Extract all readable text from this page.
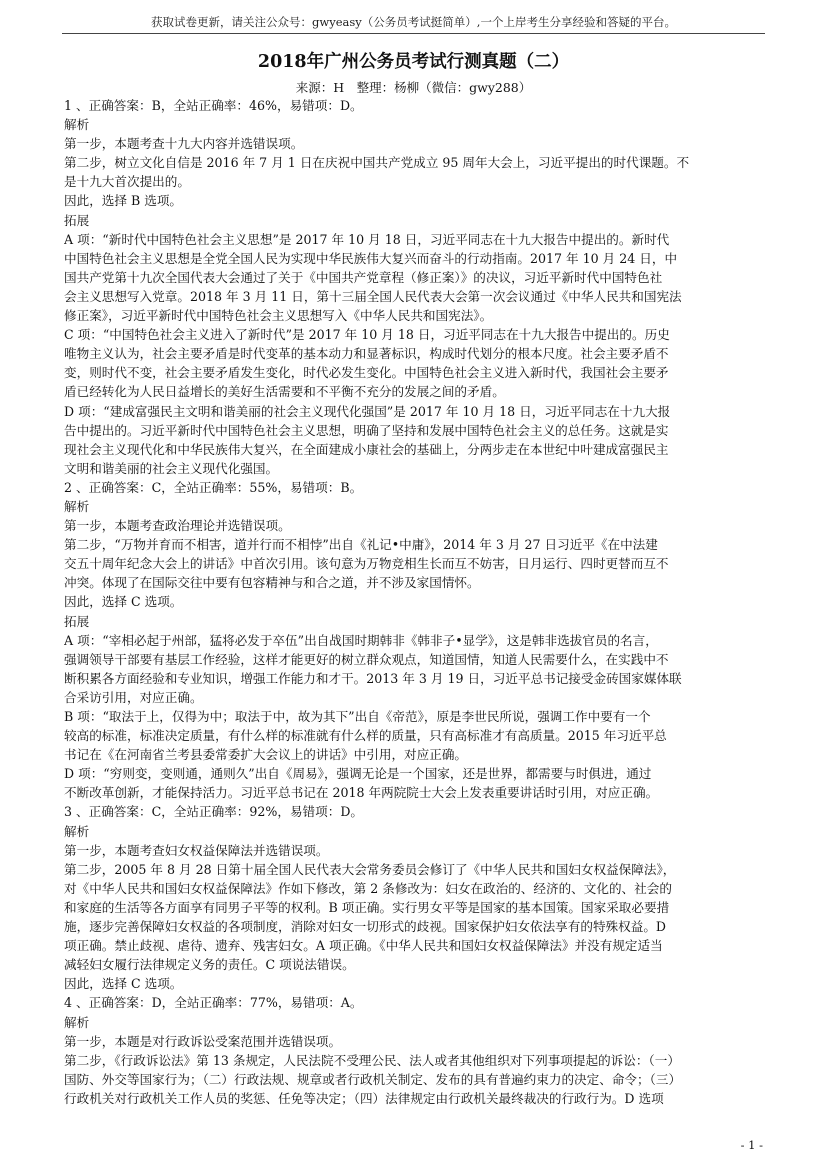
获取试卷更新，请关注公众号：gwyeasy（公务员考试挺简单）,一个上岸考生分享经验和答疑的平台。
2018年广州公务员考试行测真题（二）
来源：H　整理：杨柳（微信：gwy288）
1 、正确答案：B，全站正确率：46%，易错项：D。
解析
第一步，本题考查十九大内容并选错误项。
第二步，树立文化自信是 2016 年 7 月 1 日在庆祝中国共产党成立 95 周年大会上，习近平提出的时代课题。不
是十九大首次提出的。
因此，选择 B 选项。
拓展
A 项：“新时代中国特色社会主义思想”是 2017 年 10 月 18 日，习近平同志在十九大报告中提出的。新时代
中国特色社会主义思想是全党全国人民为实现中华民族伟大复兴而奋斗的行动指南。2017 年 10 月 24 日，中
国共产党第十九次全国代表大会通过了关于《中国共产党章程（修正案）》的决议，习近平新时代中国特色社
会主义思想写入党章。2018 年 3 月 11 日，第十三届全国人民代表大会第一次会议通过《中华人民共和国宪法
修正案》，习近平新时代中国特色社会主义思想写入《中华人民共和国宪法》。
C 项：“中国特色社会主义进入了新时代”是 2017 年 10 月 18 日，习近平同志在十九大报告中提出的。历史
唯物主义认为，社会主要矛盾是时代变革的基本动力和显著标识，构成时代划分的根本尺度。社会主要矛盾不
变，则时代不变，社会主要矛盾发生变化，时代必发生变化。中国特色社会主义进入新时代，我国社会主要矛
盾已经转化为人民日益增长的美好生活需要和不平衡不充分的发展之间的矛盾。
D 项：“建成富强民主文明和谐美丽的社会主义现代化强国”是 2017 年 10 月 18 日，习近平同志在十九大报
告中提出的。习近平新时代中国特色社会主义思想，明确了坚持和发展中国特色社会主义的总任务。这就是实
现社会主义现代化和中华民族伟大复兴，在全面建成小康社会的基础上，分两步走在本世纪中叶建成富强民主
文明和谐美丽的社会主义现代化强国。
2 、正确答案：C，全站正确率：55%，易错项：B。
解析
第一步，本题考查政治理论并选错误项。
第二步，“万物并育而不相害，道并行而不相悖”出自《礼记•中庸》，2014 年 3 月 27 日习近平《在中法建
交五十周年纪念大会上的讲话》中首次引用。该句意为万物竞相生长而互不妨害，日月运行、四时更替而互不
冲突。体现了在国际交往中要有包容精神与和合之道，并不涉及家国情怀。
因此，选择 C 选项。
拓展
A 项：“宰相必起于州部，猛将必发于卒伍”出自战国时期韩非《韩非子•显学》，这是韩非选拔官员的名言，
强调领导干部要有基层工作经验，这样才能更好的树立群众观点，知道国情，知道人民需要什么，在实践中不
断积累各方面经验和专业知识，增强工作能力和才干。2013 年 3 月 19 日，习近平总书记接受金砖国家媒体联
合采访引用，对应正确。
B 项：“取法于上，仅得为中；取法于中，故为其下”出自《帝范》，原是李世民所说，强调工作中要有一个
较高的标准，标准决定质量，有什么样的标准就有什么样的质量，只有高标准才有高质量。2015 年习近平总
书记在《在河南省兰考县委常委扩大会议上的讲话》中引用，对应正确。
D 项：“穷则变，变则通，通则久”出自《周易》，强调无论是一个国家，还是世界，都需要与时俱进，通过
不断改革创新，才能保持活力。习近平总书记在 2018 年两院院士大会上发表重要讲话时引用，对应正确。
3 、正确答案：C，全站正确率：92%，易错项：D。
解析
第一步，本题考查妇女权益保障法并选错误项。
第二步，2005 年 8 月 28 日第十届全国人民代表大会常务委员会修订了《中华人民共和国妇女权益保障法》，
对《中华人民共和国妇女权益保障法》作如下修改，第 2 条修改为：妇女在政治的、经济的、文化的、社会的
和家庭的生活等各方面享有同男子平等的权利。B 项正确。实行男女平等是国家的基本国策。国家采取必要措
施，逐步完善保障妇女权益的各项制度，消除对妇女一切形式的歧视。国家保护妇女依法享有的特殊权益。D
项正确。禁止歧视、虐待、遗弃、残害妇女。A 项正确。《中华人民共和国妇女权益保障法》并没有规定适当
减轻妇女履行法律规定义务的责任。C 项说法错误。
因此，选择 C 选项。
4 、正确答案：D，全站正确率：77%，易错项：A。
解析
第一步，本题是对行政诉讼受案范围并选错误项。
第二步，《行政诉讼法》第 13 条规定，人民法院不受理公民、法人或者其他组织对下列事项提起的诉讼：（一）
国防、外交等国家行为；（二）行政法规、规章或者行政机关制定、发布的具有普遍约束力的决定、命令；（三）
行政机关对行政机关工作人员的奖惩、任免等决定；（四）法律规定由行政机关最终裁决的行政行为。D 选项
- 1 -
